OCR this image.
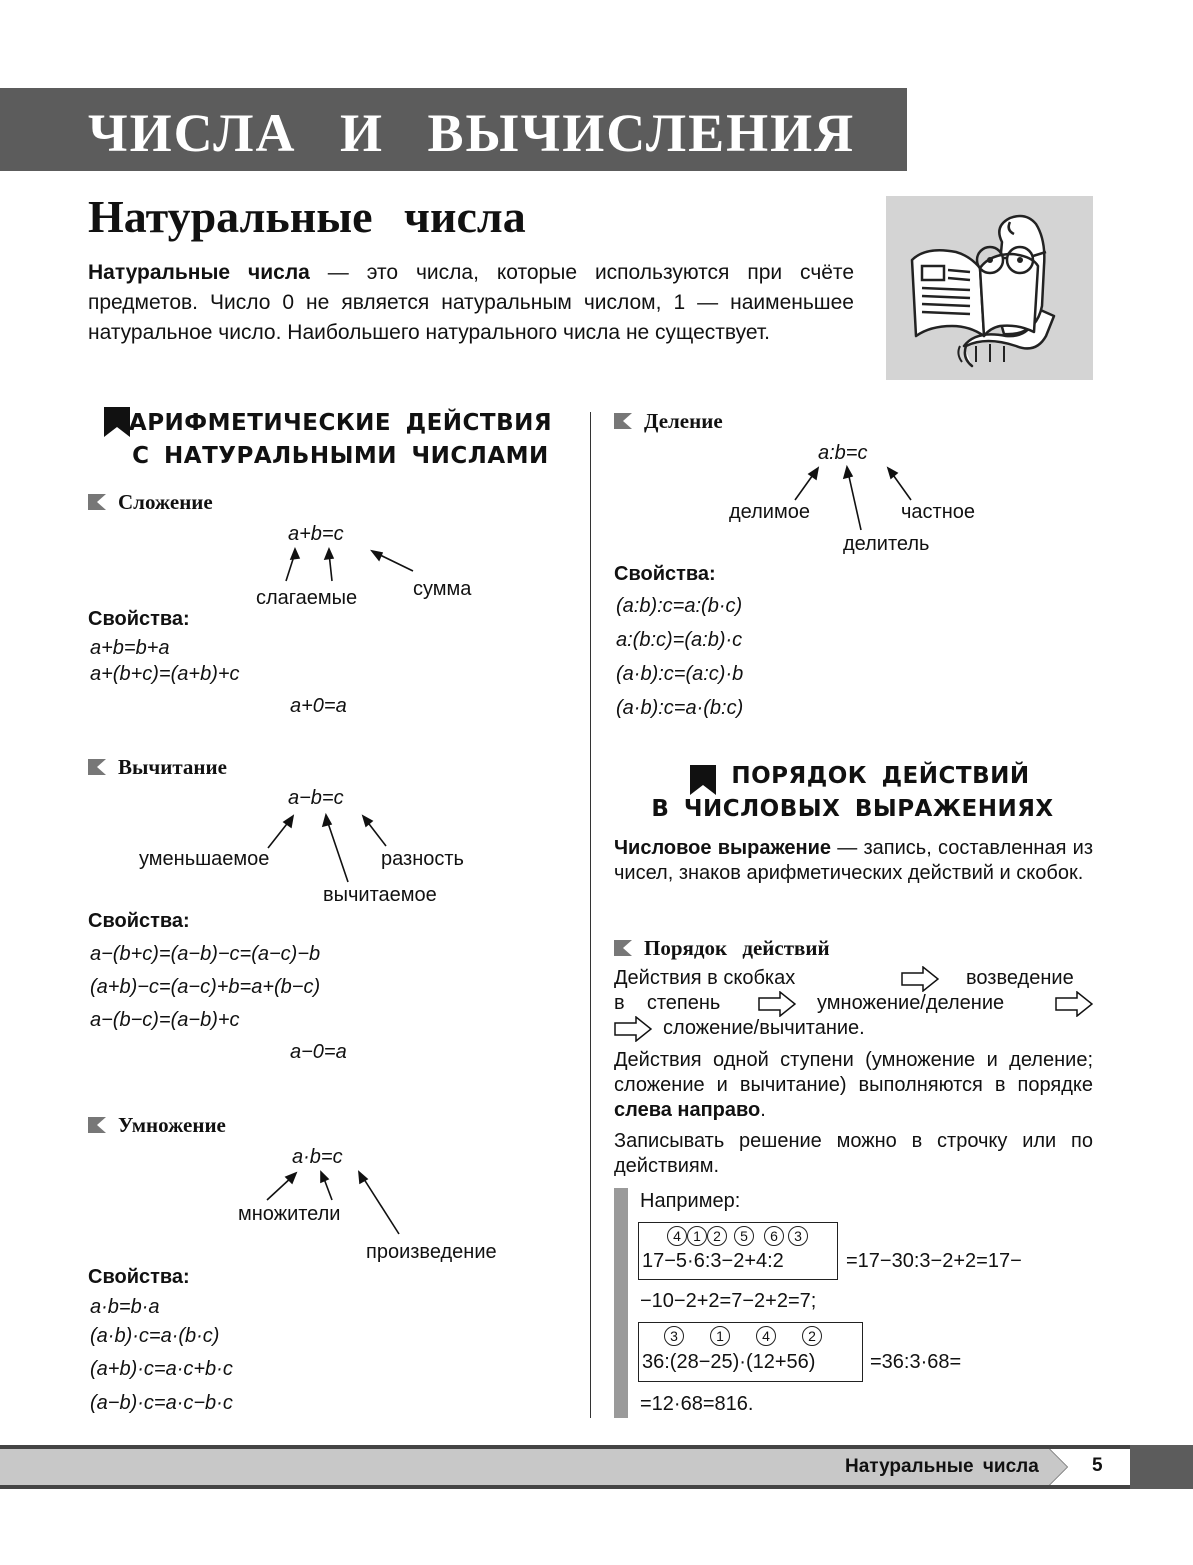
ЧИСЛА И ВЫЧИСЛЕНИЯ
Натуральные числа
Натуральные числа — это числа, которые используются при счёте предметов. Число 0 не является натуральным числом, 1 — наименьшее натуральное число. Наибольшего натурального числа не существует.
АРИФМЕТИЧЕСКИЕ ДЕЙСТВИЯ
С НАТУРАЛЬНЫМИ ЧИСЛАМИ
Сложение
a+b=c
слагаемые	сумма
Свойства:
a+b=b+a
a+(b+c)=(a+b)+c
a+0=a
Вычитание
a−b=c
уменьшаемое	разность
вычитаемое
Свойства:
a−(b+c)=(a−b)−c=(a−c)−b
(a+b)−c=(a−c)+b=a+(b−c)
a−(b−c)=(a−b)+c
a−0=a
Умножение
a·b=c
множители
произведение
Свойства:
a·b=b·a
(a·b)·c=a·(b·c)
(a+b)·c=a·c+b·c
(a−b)·c=a·c−b·c
Деление
a:b=c
делимое	частное
делитель
Свойства:
(a:b):c=a:(b·c)
a:(b:c)=(a:b)·c
(a·b):c=(a:c)·b
(a·b):c=a·(b:c)
ПОРЯДОК ДЕЙСТВИЙ
В ЧИСЛОВЫХ ВЫРАЖЕНИЯХ
Числовое выражение — запись, составленная из чисел, знаков арифметических действий и скобок.
Порядок действий
Действия в скобках	возведение
в    степень	умножение/деление
сложение/вычитание.
Действия одной ступени (умножение и деление; сложение и вычитание) выполняются в порядке слева направо.
Записывать решение можно в строчку или по действиям.
Например:
4 1 2 5 6 3
17−5·6:3−2+4:2	=17−30:3−2+2=17−
−10−2+2=7−2+2=7;
3	1	4	2
36:(28−25)·(12+56)	=36:3·68=
=12·68=816.
Натуральные числа	5
